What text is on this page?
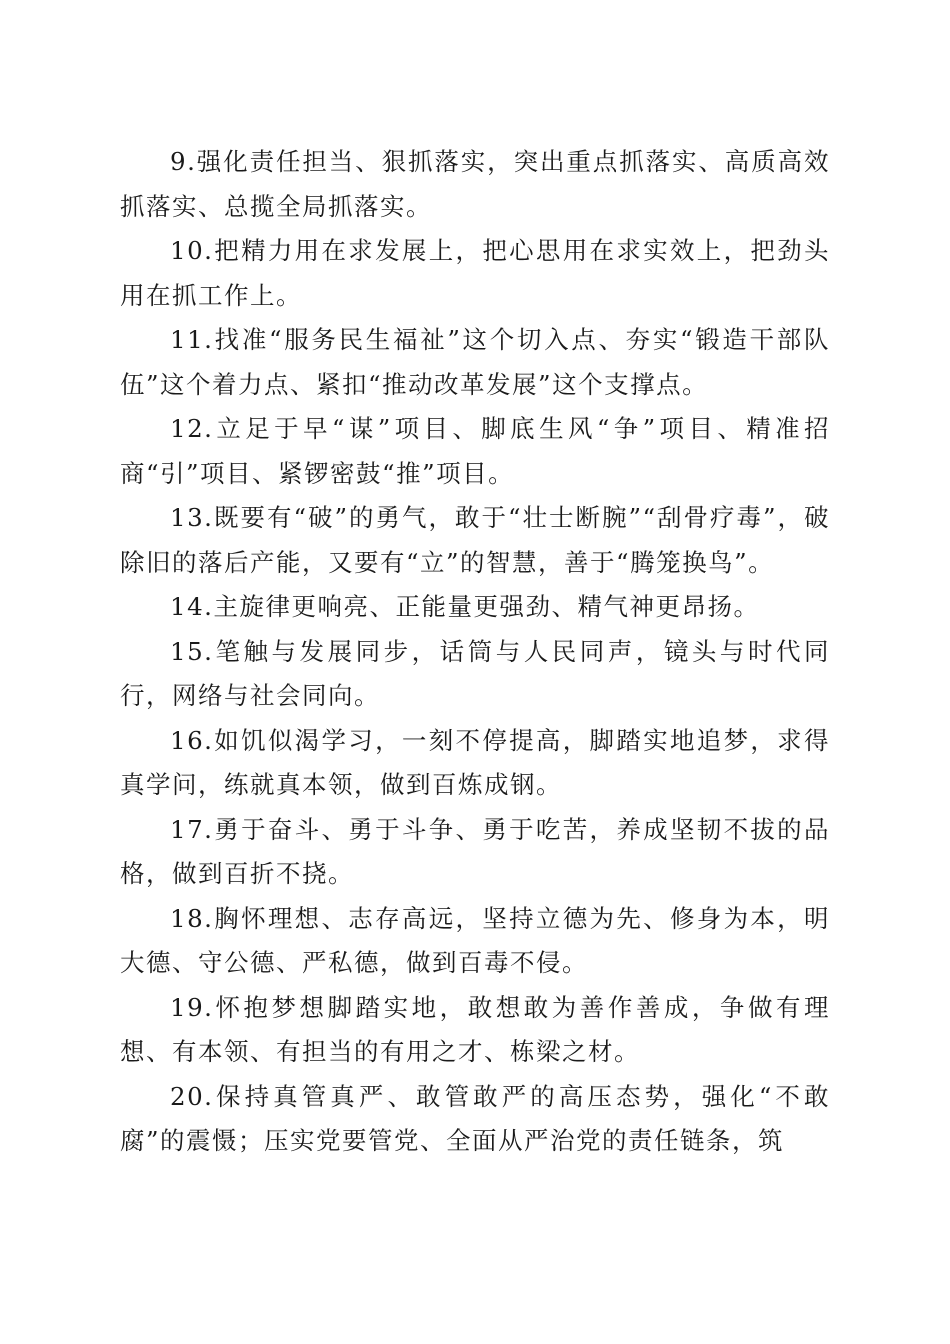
9.强化责任担当、狠抓落实，突出重点抓落实、高质高效抓落实、总揽全局抓落实。

10.把精力用在求发展上，把心思用在求实效上，把劲头用在抓工作上。

11.找准“服务民生福祉”这个切入点、夯实“锻造干部队伍”这个着力点、紧扣“推动改革发展”这个支撑点。

12.立足于早“谋”项目、脚底生风“争”项目、精准招商“引”项目、紧锣密鼓“推”项目。

13.既要有“破”的勇气，敢于“壮士断腕”“刮骨疗毒”，破除旧的落后产能，又要有“立”的智慧，善于“腾笼换鸟”。

14.主旋律更响亮、正能量更强劲、精气神更昂扬。

15.笔触与发展同步，话筒与人民同声，镜头与时代同行，网络与社会同向。

16.如饥似渴学习，一刻不停提高，脚踏实地追梦，求得真学问，练就真本领，做到百炼成钢。

17.勇于奋斗、勇于斗争、勇于吃苦，养成坚韧不拔的品格，做到百折不挠。

18.胸怀理想、志存高远，坚持立德为先、修身为本，明大德、守公德、严私德，做到百毒不侵。

19.怀抱梦想脚踏实地，敢想敢为善作善成，争做有理想、有本领、有担当的有用之才、栋梁之材。

20.保持真管真严、敢管敢严的高压态势，强化“不敢腐”的震慑；压实党要管党、全面从严治党的责任链条，筑
